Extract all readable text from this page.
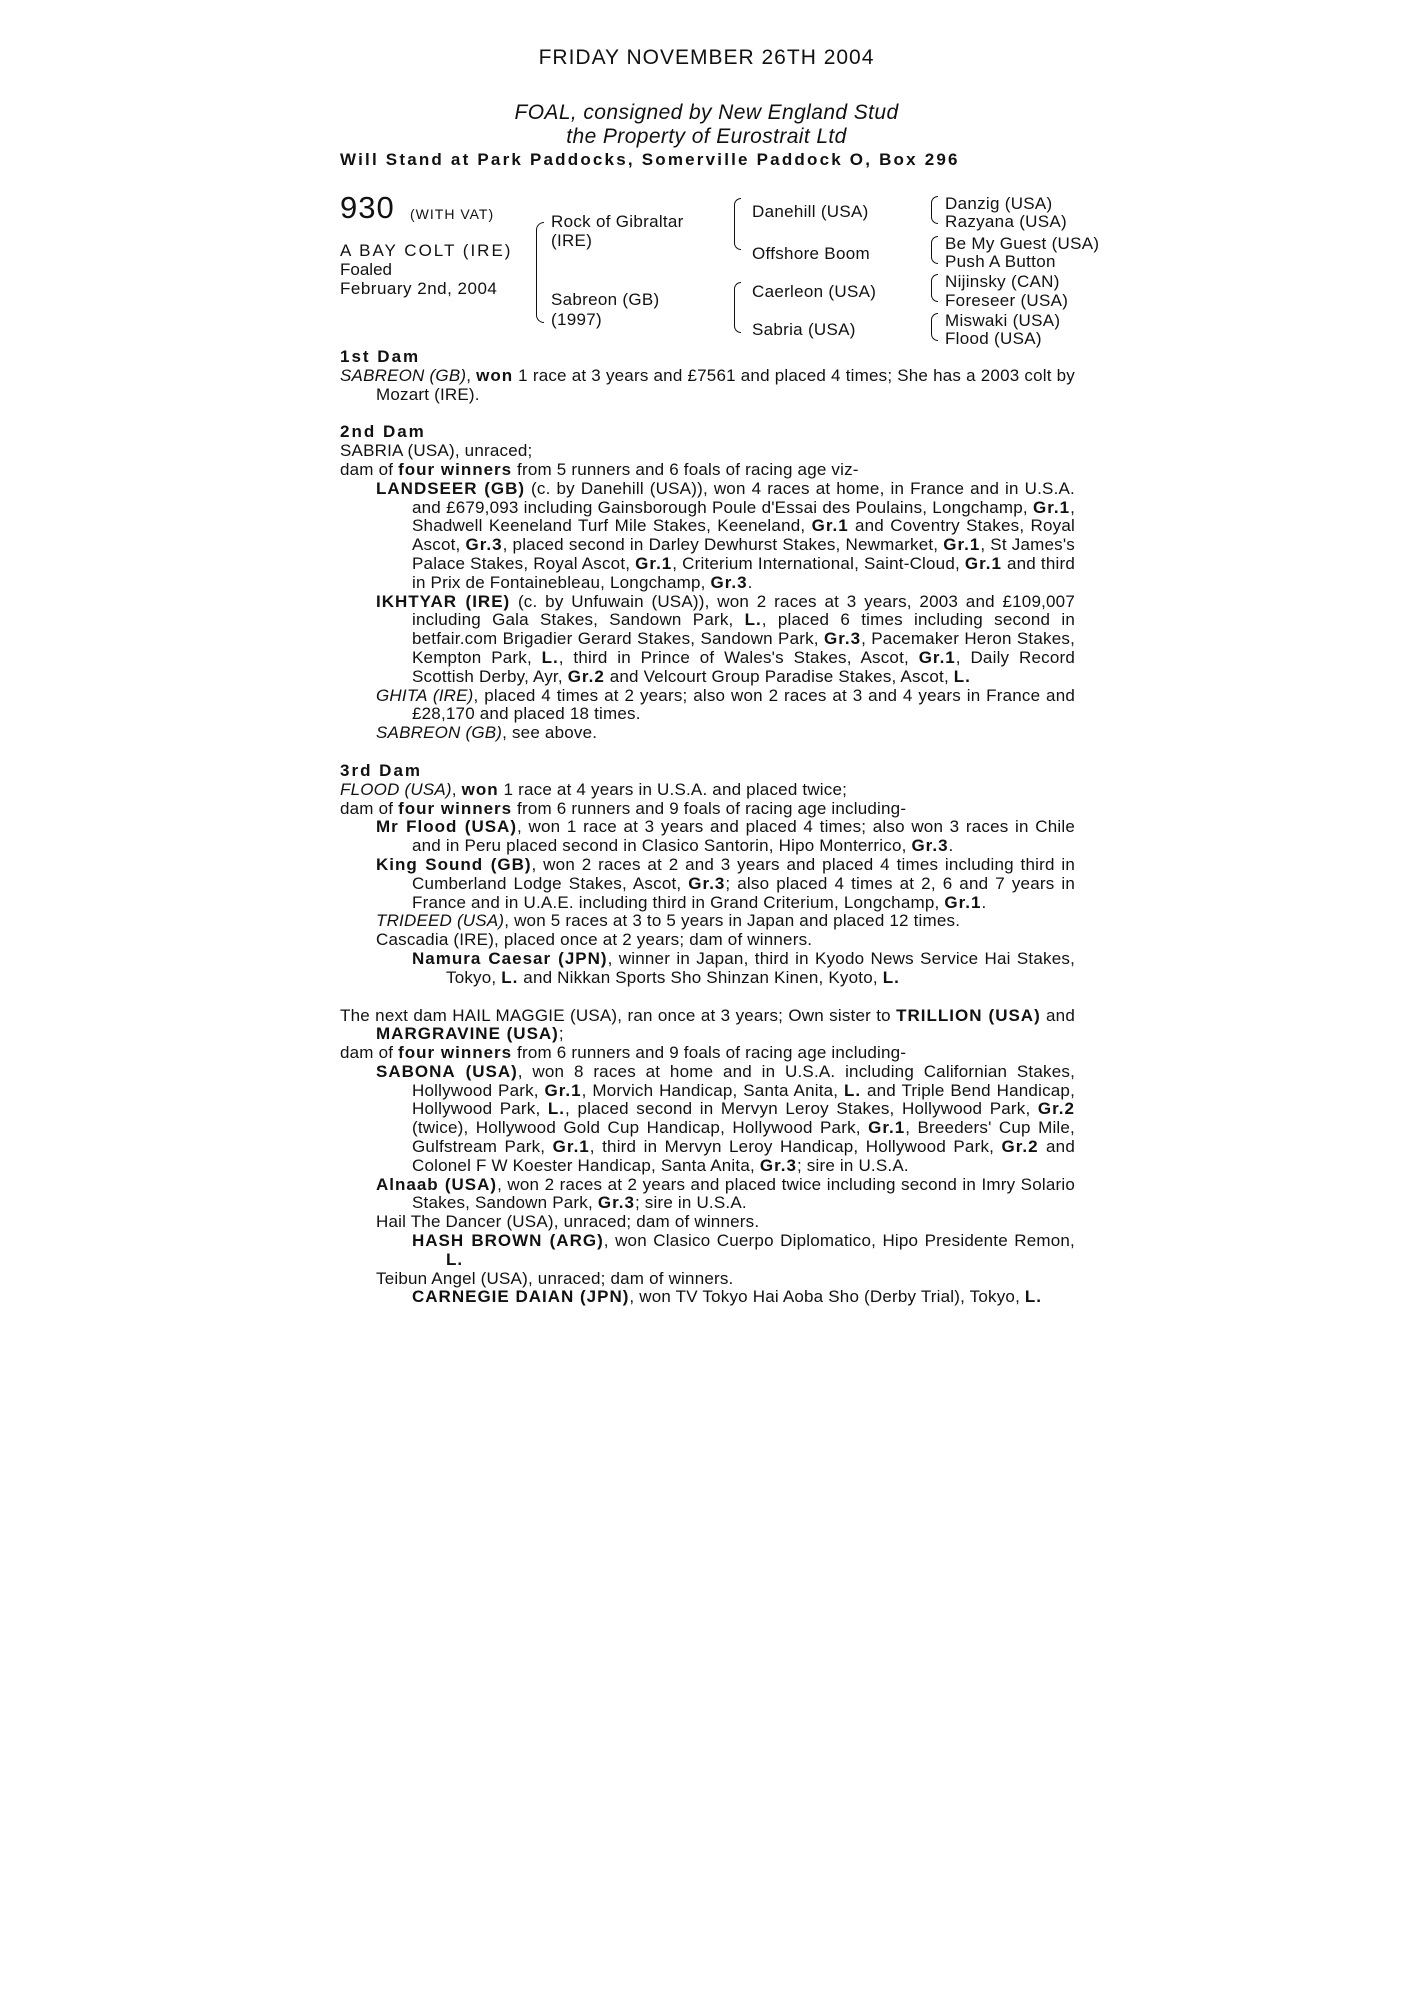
FRIDAY NOVEMBER 26TH 2004
FOAL, consigned by New England Stud
the Property of Eurostrait Ltd
Will Stand at Park Paddocks, Somerville Paddock O, Box 296
930 (WITH VAT)
A BAY COLT (IRE)
Foaled
February 2nd, 2004
Rock of Gibraltar
(IRE)
Sabreon (GB)
(1997)
Danehill (USA)
Offshore Boom
Caerleon (USA)
Sabria (USA)
Danzig (USA)
Razyana (USA)
Be My Guest (USA)
Push A Button
Nijinsky (CAN)
Foreseer (USA)
Miswaki (USA)
Flood (USA)

1st Dam

SABREON (GB), won 1 race at 3 years and £7561 and placed 4 times; She has a 2003 colt by Mozart (IRE).

2nd Dam

SABRIA (USA), unraced;

dam of four winners from 5 runners and 6 foals of racing age viz-

LANDSEER (GB) (c. by Danehill (USA)), won 4 races at home, in France and in U.S.A. and £679,093 including Gainsborough Poule d'Essai des Poulains, Longchamp, Gr.1, Shadwell Keeneland Turf Mile Stakes, Keeneland, Gr.1 and Coventry Stakes, Royal Ascot, Gr.3, placed second in Darley Dewhurst Stakes, Newmarket, Gr.1, St James's Palace Stakes, Royal Ascot, Gr.1, Criterium International, Saint-Cloud, Gr.1 and third in Prix de Fontainebleau, Longchamp, Gr.3.

IKHTYAR (IRE) (c. by Unfuwain (USA)), won 2 races at 3 years, 2003 and £109,007 including Gala Stakes, Sandown Park, L., placed 6 times including second in betfair.com Brigadier Gerard Stakes, Sandown Park, Gr.3, Pacemaker Heron Stakes, Kempton Park, L., third in Prince of Wales's Stakes, Ascot, Gr.1, Daily Record Scottish Derby, Ayr, Gr.2 and Velcourt Group Paradise Stakes, Ascot, L.

GHITA (IRE), placed 4 times at 2 years; also won 2 races at 3 and 4 years in France and £28,170 and placed 18 times.

SABREON (GB), see above.

3rd Dam

FLOOD (USA), won 1 race at 4 years in U.S.A. and placed twice;

dam of four winners from 6 runners and 9 foals of racing age including-

Mr Flood (USA), won 1 race at 3 years and placed 4 times; also won 3 races in Chile and in Peru placed second in Clasico Santorin, Hipo Monterrico, Gr.3.

King Sound (GB), won 2 races at 2 and 3 years and placed 4 times including third in Cumberland Lodge Stakes, Ascot, Gr.3; also placed 4 times at 2, 6 and 7 years in France and in U.A.E. including third in Grand Criterium, Longchamp, Gr.1.

TRIDEED (USA), won 5 races at 3 to 5 years in Japan and placed 12 times.

Cascadia (IRE), placed once at 2 years; dam of winners.

Namura Caesar (JPN), winner in Japan, third in Kyodo News Service Hai Stakes, Tokyo, L. and Nikkan Sports Sho Shinzan Kinen, Kyoto, L.

The next dam HAIL MAGGIE (USA), ran once at 3 years; Own sister to TRILLION (USA) and MARGRAVINE (USA);

dam of four winners from 6 runners and 9 foals of racing age including-

SABONA (USA), won 8 races at home and in U.S.A. including Californian Stakes, Hollywood Park, Gr.1, Morvich Handicap, Santa Anita, L. and Triple Bend Handicap, Hollywood Park, L., placed second in Mervyn Leroy Stakes, Hollywood Park, Gr.2 (twice), Hollywood Gold Cup Handicap, Hollywood Park, Gr.1, Breeders' Cup Mile, Gulfstream Park, Gr.1, third in Mervyn Leroy Handicap, Hollywood Park, Gr.2 and Colonel F W Koester Handicap, Santa Anita, Gr.3; sire in U.S.A.

Alnaab (USA), won 2 races at 2 years and placed twice including second in Imry Solario Stakes, Sandown Park, Gr.3; sire in U.S.A.

Hail The Dancer (USA), unraced; dam of winners.

HASH BROWN (ARG), won Clasico Cuerpo Diplomatico, Hipo Presidente Remon, L.

Teibun Angel (USA), unraced; dam of winners.

CARNEGIE DAIAN (JPN), won TV Tokyo Hai Aoba Sho (Derby Trial), Tokyo, L.
